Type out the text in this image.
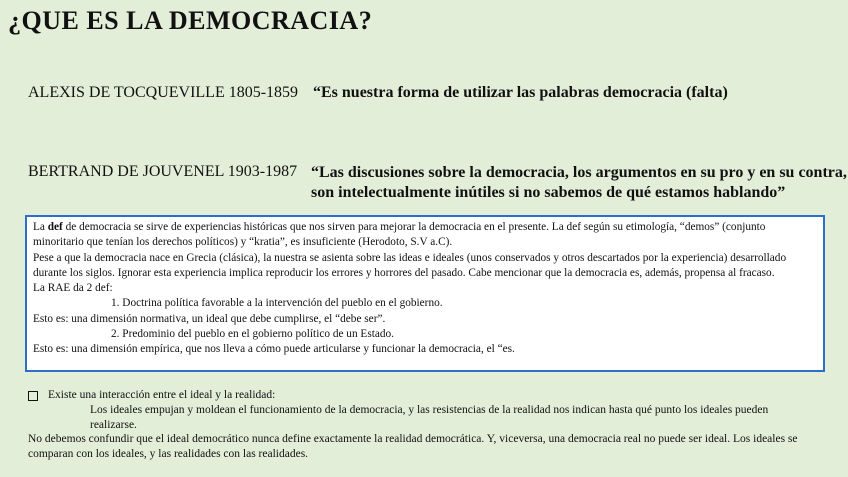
¿QUE ES LA DEMOCRACIA?
ALEXIS DE TOCQUEVILLE 1805-1859 “Es nuestra forma de utilizar las palabras democracia (falta)
BERTRAND DE JOUVENEL 1903-1987 “Las discusiones sobre la democracia, los argumentos en su pro y en su contra,
son intelectualmente inútiles si no sabemos de qué estamos hablando”

La def de democracia se sirve de experiencias históricas que nos sirven para mejorar la democracia en el presente. La def según su etimología, “demos” (conjunto minoritario que tenían los derechos políticos) y “kratia”, es insuficiente (Herodoto, S.V a.C).

Pese a que la democracia nace en Grecia (clásica), la nuestra se asienta sobre las ideas e ideales (unos conservados y otros descartados por la experiencia) desarrollado durante los siglos. Ignorar esta experiencia implica reproducir los errores y horrores del pasado. Cabe mencionar que la democracia es, además, propensa al fracaso.

La RAE da 2 def:

1. Doctrina política favorable a la intervención del pueblo en el gobierno.

Esto es: una dimensión normativa, un ideal que debe cumplirse, el “debe ser”.

2. Predominio del pueblo en el gobierno político de un Estado.

Esto es: una dimensión empírica, que nos lleva a cómo puede articularse y funcionar la democracia, el “es.

Existe una interacción entre el ideal y la realidad:
Los ideales empujan y moldean el funcionamiento de la democracia, y las resistencias de la realidad nos indican hasta qué punto los ideales pueden realizarse.
No debemos confundir que el ideal democrático nunca define exactamente la realidad democrática. Y, viceversa, una democracia real no puede ser ideal. Los ideales se comparan con los ideales, y las realidades con las realidades.
